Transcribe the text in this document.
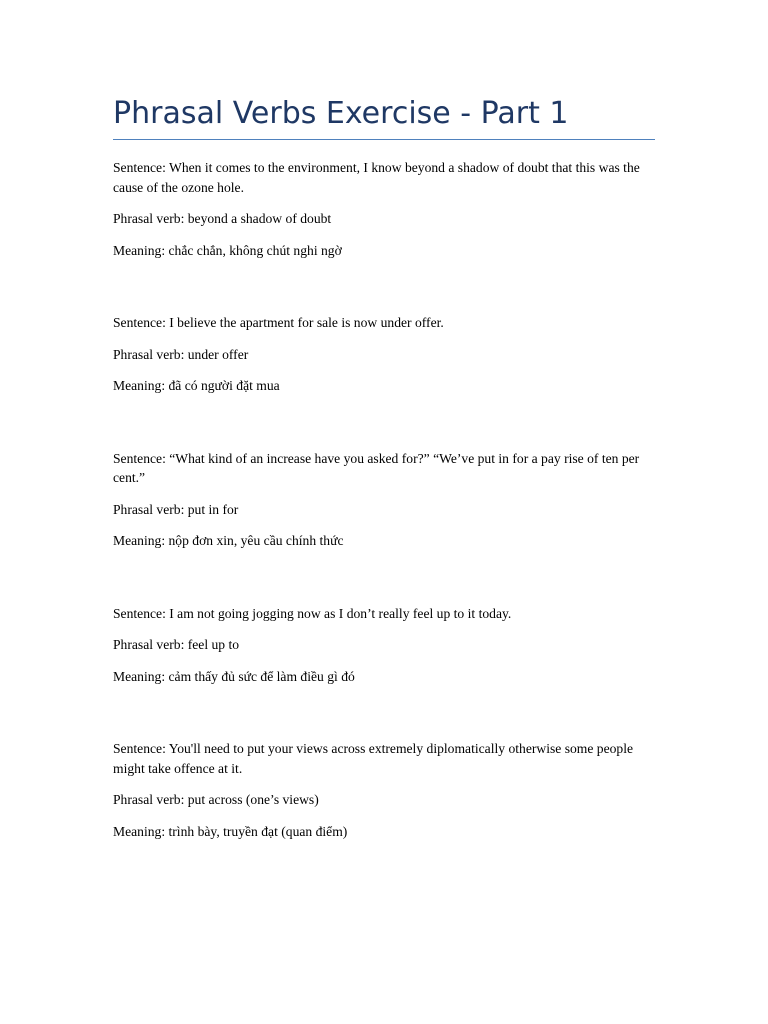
Phrasal Verbs Exercise - Part 1

Sentence: When it comes to the environment, I know beyond a shadow of doubt that this was the cause of the ozone hole.

Phrasal verb: beyond a shadow of doubt

Meaning: chắc chắn, không chút nghi ngờ

Sentence: I believe the apartment for sale is now under offer.

Phrasal verb: under offer

Meaning: đã có người đặt mua

Sentence: “What kind of an increase have you asked for?” “We’ve put in for a pay rise of ten per cent.”

Phrasal verb: put in for

Meaning: nộp đơn xin, yêu cầu chính thức

Sentence: I am not going jogging now as I don’t really feel up to it today.

Phrasal verb: feel up to

Meaning: cảm thấy đủ sức để làm điều gì đó

Sentence: You'll need to put your views across extremely diplomatically otherwise some people might take offence at it.

Phrasal verb: put across (one’s views)

Meaning: trình bày, truyền đạt (quan điểm)
